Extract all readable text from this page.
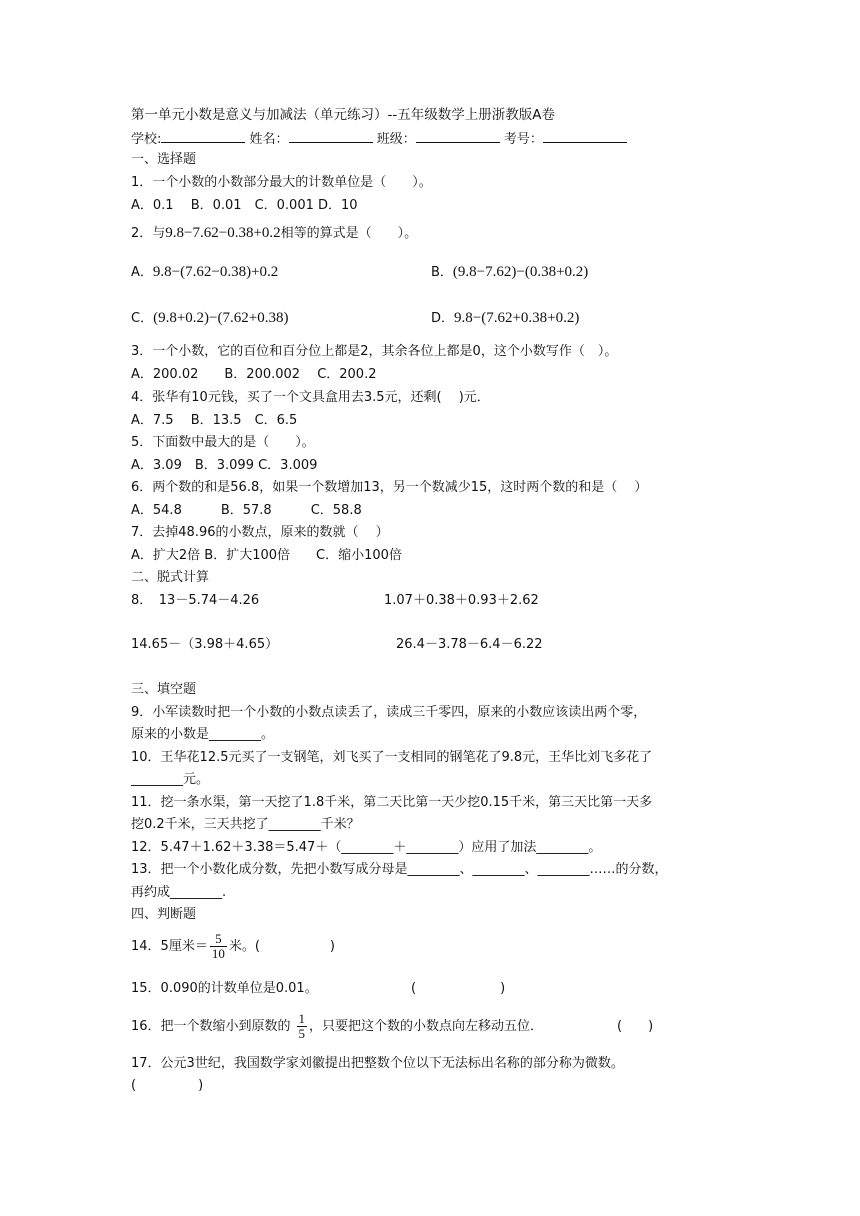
第一单元小数是意义与加减法（单元练习）--五年级数学上册浙教版A卷
学校:	姓名：	班级：	考号：
一、选择题
1．一个小数的小数部分最大的计数单位是（　　）。
A．0.1　 B．0.01　C．0.001 D．10
2．与9.8−7.62−0.38+0.2相等的算式是（　　）。
A．9.8−(7.62−0.38)+0.2	B．(9.8−7.62)−(0.38+0.2)
C．(9.8+0.2)−(7.62+0.38)	D．9.8−(7.62+0.38+0.2)
3．一个小数，它的百位和百分位上都是2，其余各位上都是0，这个小数写作（　）。
A．200.02　　B．200.002　 C．200.2
4．张华有10元钱，买了一个文具盒用去3.5元，还剩(　 )元．
A．7.5　 B．13.5　C．6.5
5．下面数中最大的是（　　）。
A．3.09　B．3.099 C．3.009
6．两个数的和是56.8，如果一个数增加13，另一个数减少15，这时两个数的和是（　 ）
A．54.8　　　B．57.8　　　C．58.8
7．去掉48.96的小数点，原来的数就（　 ）
A．扩大2倍 B．扩大100倍　　C．缩小100倍
二、脱式计算
8．　13－5.74－4.26	1.07＋0.38＋0.93＋2.62
14.65－（3.98＋4.65）	26.4－3.78－6.4－6.22
三、填空题
9．小军读数时把一个小数的小数点读丢了，读成三千零四，原来的小数应该读出两个零，
原来的小数是________。
10．王华花12.5元买了一支钢笔，刘飞买了一支相同的钢笔花了9.8元，王华比刘飞多花了
________元。
11．挖一条水渠，第一天挖了1.8千米，第二天比第一天少挖0.15千米，第三天比第一天多
挖0.2千米，三天共挖了________千米？
12．5.47＋1.62＋3.38＝5.47＋（________＋________）应用了加法________。
13．把一个小数化成分数，先把小数写成分母是________、________、________……的分数，
再约成________.
四、判断题
14．5厘米＝ $\frac{5}{10}$ 米。(	)
15．0.090的计数单位是0.01。	(	)
16．把一个数缩小到原数的 $\frac{1}{5}$ ，只要把这个数的小数点向左移动五位．	(　　)
17．公元3世纪，我国数学家刘徽提出把整数个位以下无法标出名称的部分称为微数。
(	)
